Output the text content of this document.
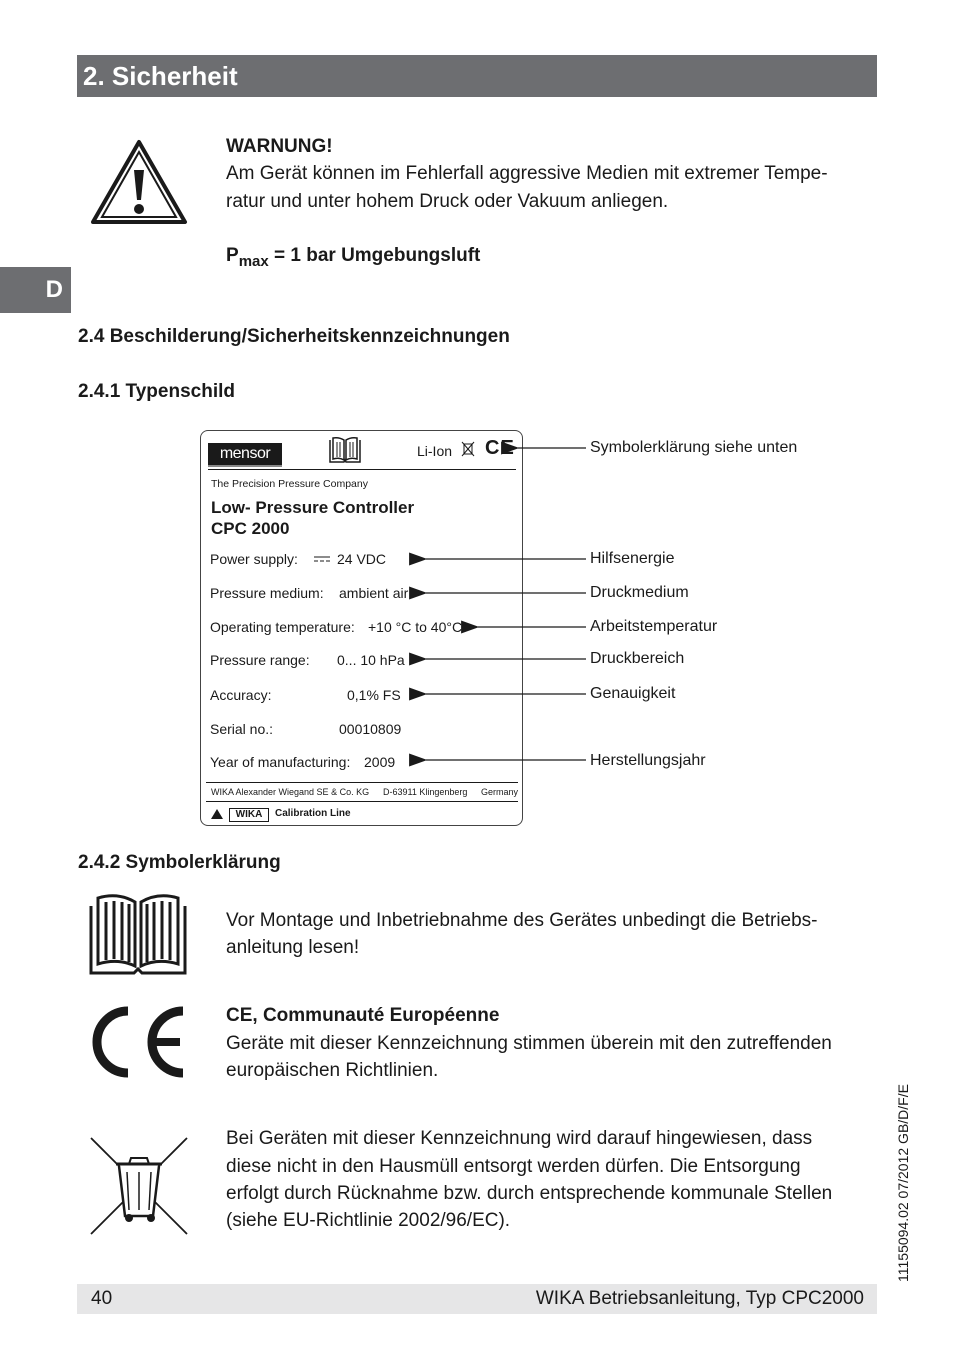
2. Sicherheit
D
WARNUNG!
Am Gerät können im Fehlerfall aggressive Medien mit extremer Tempe-
ratur und unter hohem Druck oder Vakuum anliegen.
$P_{max} = 1$ bar Umgebungsluft
2.4 Beschilderung/Sicherheitskennzeichnungen
2.4.1 Typenschild
mensor	Li-Ion CE
The Precision Pressure Company
Low- Pressure Controller
CPC 2000
Power supply:	24 VDC
Pressure medium: ambient air
Operating temperature: +10 °C to 40°C
Pressure range: 0... 10 hPa
Accuracy:	0,1% FS
Serial no.:	00010809
Year of manufacturing: 2009
WIKA Alexander Wiegand SE & Co. KG D-63911 Klingenberg Germany
WIKA	Calibration Line
Symbolerklärung siehe unten
Hilfsenergie
Druckmedium
Arbeitstemperatur
Druckbereich
Genauigkeit
Herstellungsjahr
2.4.2 Symbolerklärung
Vor Montage und Inbetriebnahme des Gerätes unbedingt die Betriebs-
anleitung lesen!
CE, Communauté Européenne
Geräte mit dieser Kennzeichnung stimmen überein mit den zutreffenden
europäischen Richtlinien.
Bei Geräten mit dieser Kennzeichnung wird darauf hingewiesen, dass
diese nicht in den Hausmüll entsorgt werden dürfen. Die Entsorgung
erfolgt durch Rücknahme bzw. durch entsprechende kommunale Stellen
(siehe EU-Richtlinie 2002/96/EC).	11155094.02 07/2012 GB/D/F/E
40	WIKA Betriebsanleitung, Typ CPC2000
